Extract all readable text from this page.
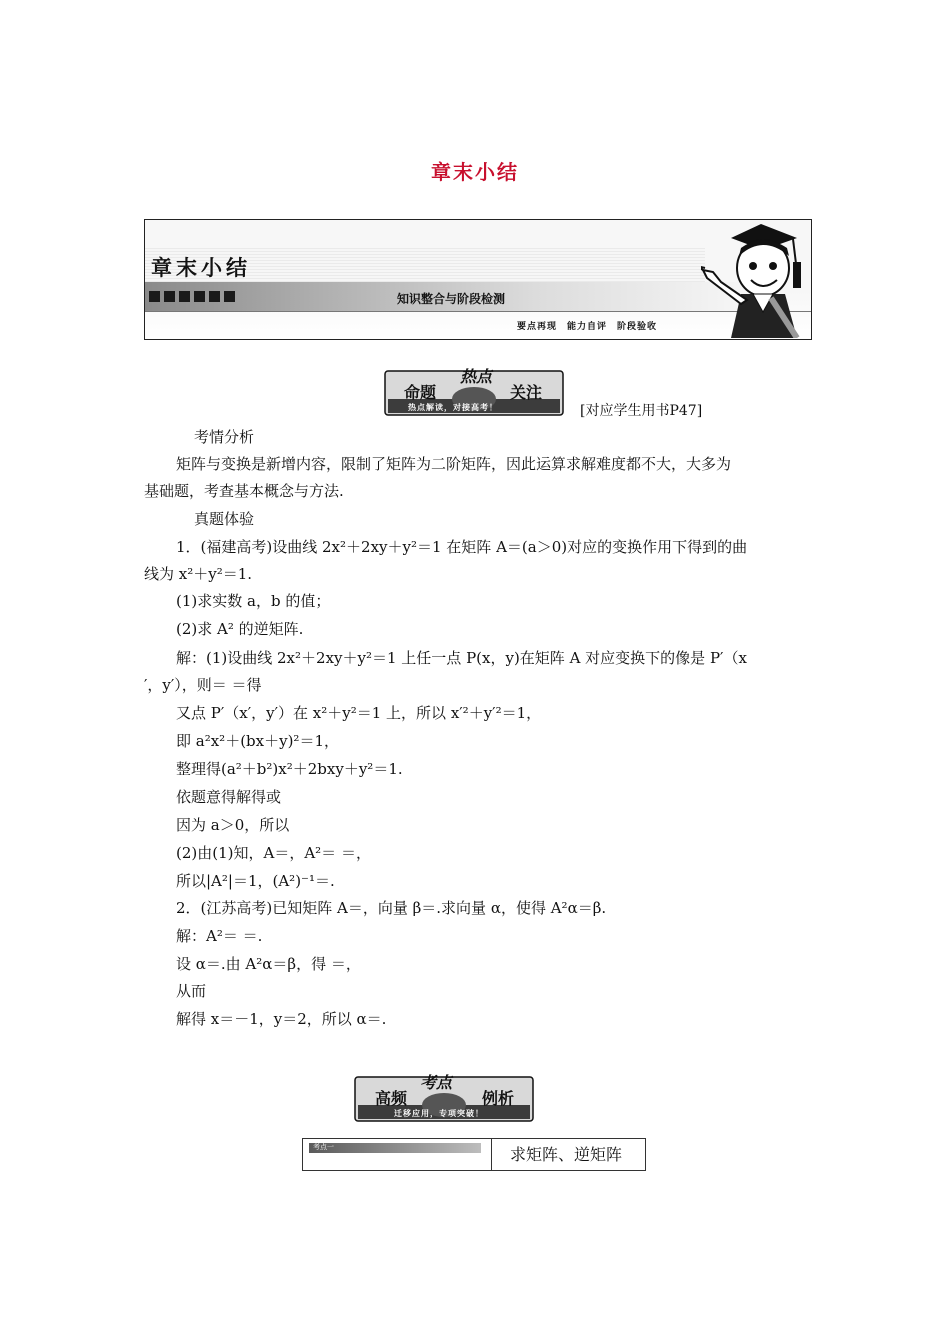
章末小结
章末小结
知识整合与阶段检测
要点再现　能力自评　阶段验收
命题
热点
关注
热点解读，对接高考！	[对应学生用书P47]
考情分析
矩阵与变换是新增内容，限制了矩阵为二阶矩阵，因此运算求解难度都不大，大多为
基础题，考查基本概念与方法.
真题体验
1．(福建高考)设曲线 2x²＋2xy＋y²＝1 在矩阵 A＝(a＞0)对应的变换作用下得到的曲
线为 x²＋y²＝1.
(1)求实数 a，b 的值；
(2)求 A² 的逆矩阵.
解：(1)设曲线 2x²＋2xy＋y²＝1 上任一点 P(x，y)在矩阵 A 对应变换下的像是 P′（x
′，y′），则＝ ＝得
又点 P′（x′，y′）在 x²＋y²＝1 上，所以 x′²＋y′²＝1，
即 a²x²＋(bx＋y)²＝1，
整理得(a²＋b²)x²＋2bxy＋y²＝1.
依题意得解得或
因为 a＞0，所以
(2)由(1)知，A＝，A²＝ ＝，
所以|A²|＝1，(A²)⁻¹＝.
2．(江苏高考)已知矩阵 A＝，向量 β＝.求向量 α，使得 A²α＝β.
解：A²＝ ＝.
设 α＝.由 A²α＝β，得 ＝，
从而
解得 x＝－1，y＝2，所以 α＝.
高频
考点
例析
迁移应用，专项突破！
考点一	求矩阵、逆矩阵
